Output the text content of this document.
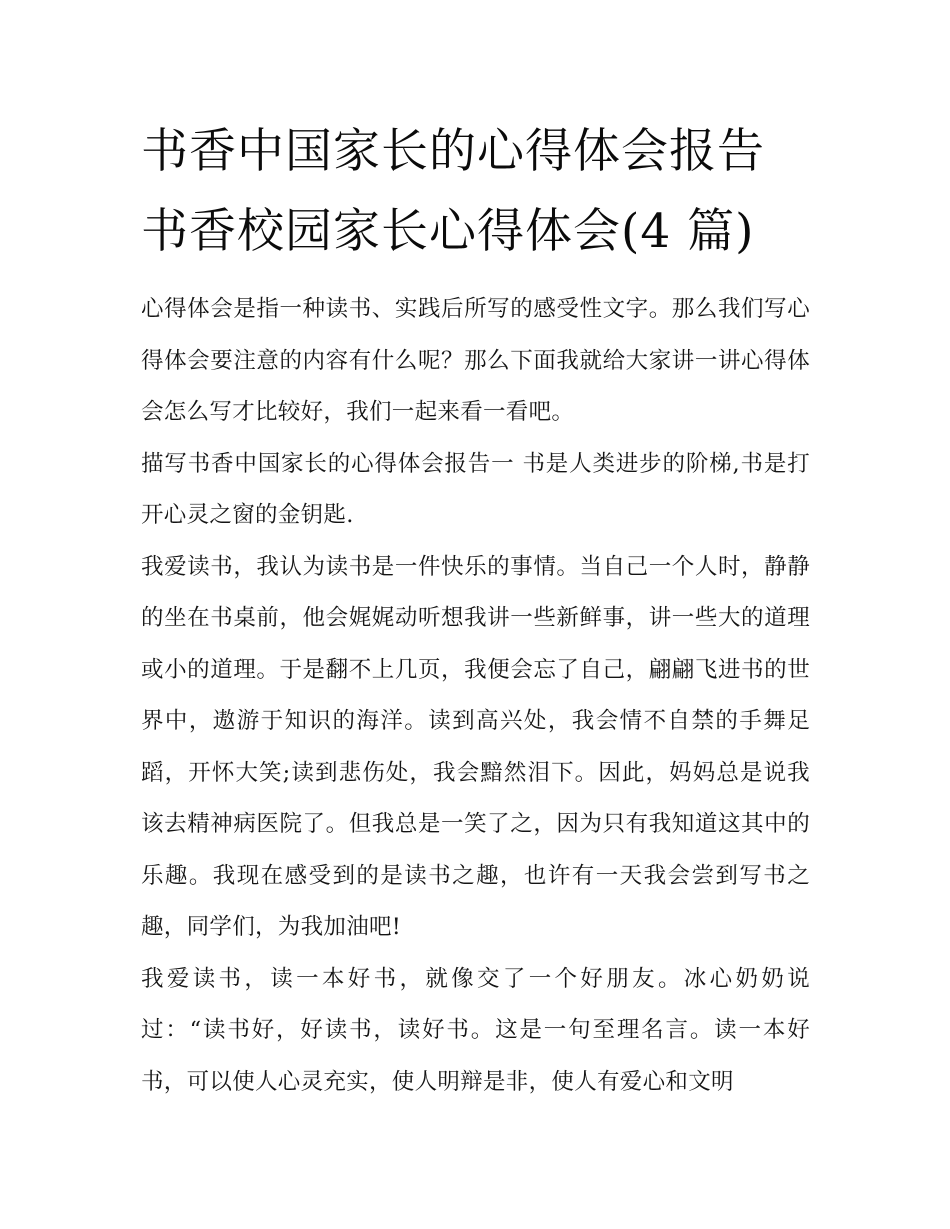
书香中国家长的心得体会报告
书香校园家长心得体会(4 篇)

心得体会是指一种读书、实践后所写的感受性文字。那么我们写心得体会要注意的内容有什么呢？那么下面我就给大家讲一讲心得体会怎么写才比较好，我们一起来看一看吧。

描写书香中国家长的心得体会报告一 书是人类进步的阶梯,书是打开心灵之窗的金钥匙.

我爱读书，我认为读书是一件快乐的事情。当自己一个人时，静静的坐在书桌前，他会娓娓动听想我讲一些新鲜事，讲一些大的道理或小的道理。于是翻不上几页，我便会忘了自己，翩翩飞进书的世界中，遨游于知识的海洋。读到高兴处，我会情不自禁的手舞足蹈，开怀大笑;读到悲伤处，我会黯然泪下。因此，妈妈总是说我该去精神病医院了。但我总是一笑了之，因为只有我知道这其中的乐趣。我现在感受到的是读书之趣，也许有一天我会尝到写书之趣，同学们，为我加油吧!

我爱读书，读一本好书，就像交了一个好朋友。冰心奶奶说过：“读书好，好读书，读好书。这是一句至理名言。读一本好书，可以使人心灵充实，使人明辩是非，使人有爱心和文明
